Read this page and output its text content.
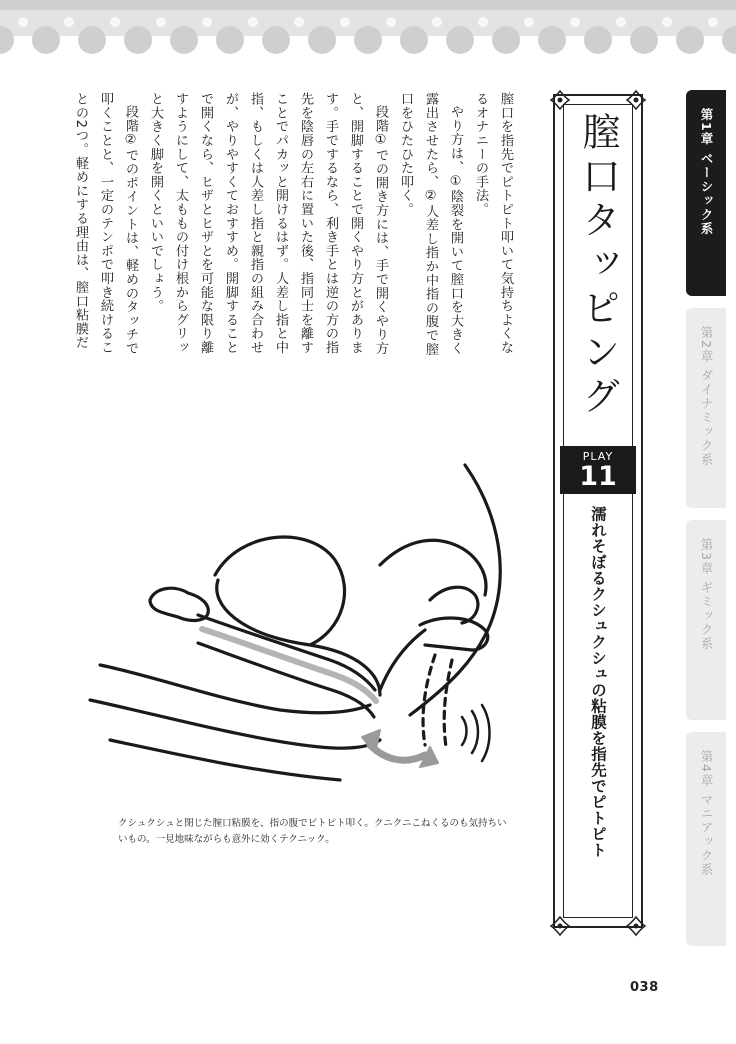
膣口を指先でピトピト叩いて気持ちよくなるオナニーの手法。

やり方は、①陰裂を開いて膣口を大きく露出させたら、②人差し指か中指の腹で膣口をひたひた叩く。

段階①での開き方には、手で開くやり方と、開脚することで開くやり方とがあります。手でするなら、利き手とは逆の方の指先を陰唇の左右に置いた後、指同士を離すことでパカッと開けるはず。人差し指と中指、もしくは人差し指と親指の組み合わせが、やりやすくておすすめ。開脚することで開くなら、ヒザとヒザとを可能な限り離すようにして、太ももの付け根からグリッと大きく脚を開くといいでしょう。

段階②でのポイントは、軽めのタッチで叩くことと、一定のテンポで叩き続けることの2つ。軽めにする理由は、膣口粘膜だ	膣口タッピング
PLAY
11
濡れそぼるクシュクシュの粘膜を指先でピトピト
クシュクシュと閉じた膣口粘膜を、指の腹でピトピト叩く。クニクニこねくるのも気持ちいいもの。一見地味ながらも意外に効くテクニック。
第1章 ベーシック系
第2章 ダイナミック系
第3章 ギミック系
第4章 マニアック系
038
